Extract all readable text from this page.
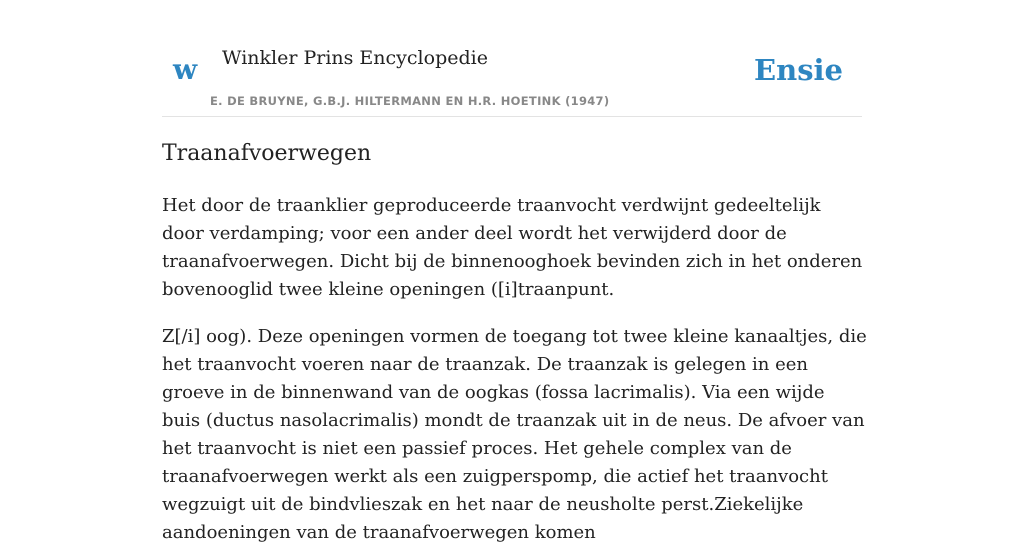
w Winkler Prins Encyclopedie
E. DE BRUYNE, G.B.J. HILTERMANN EN H.R. HOETINK (1947)
Ensie
Traanafvoerwegen

Het door de traanklier geproduceerde traanvocht verdwijnt gedeeltelijk door verdamping; voor een ander deel wordt het verwijderd door de traanafvoerwegen. Dicht bij de binnenooghoek bevinden zich in het onderen bovenooglid twee kleine openingen ([i]traanpunt.

Z[/i] oog). Deze openingen vormen de toegang tot twee kleine kanaaltjes, die het traanvocht voeren naar de traanzak. De traanzak is gelegen in een groeve in de binnenwand van de oogkas (fossa lacrimalis). Via een wijde buis (ductus nasolacrimalis) mondt de traanzak uit in de neus. De afvoer van het traanvocht is niet een passief proces. Het gehele complex van de traanafvoerwegen werkt als een zuigperspomp, die actief het traanvocht wegzuigt uit de bindvlieszak en het naar de neusholte perst.Ziekelijke aandoeningen van de traanafvoerwegen komen
